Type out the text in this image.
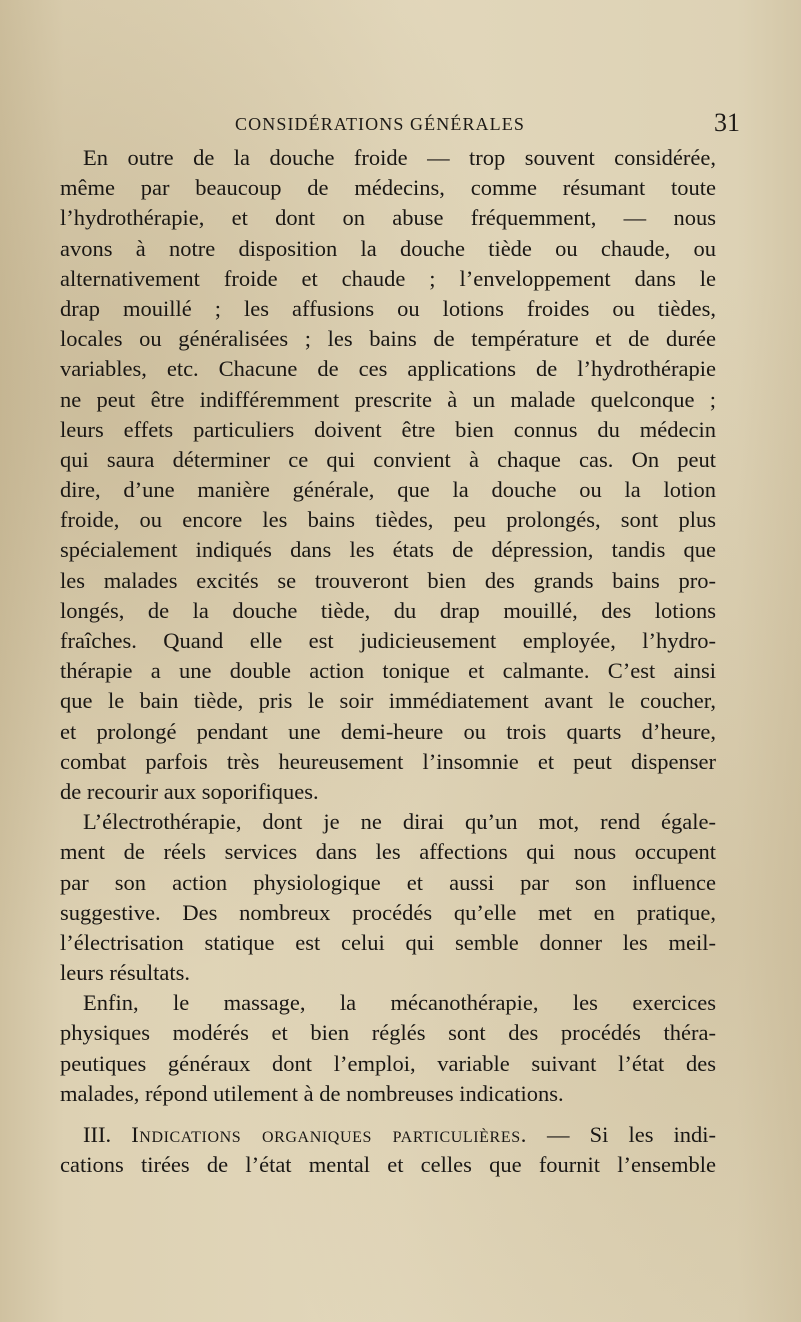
CONSIDÉRATIONS GÉNÉRALES	31
En outre de la douche froide — trop souvent considérée,
même par beaucoup de médecins, comme résumant toute
l’hydrothérapie, et dont on abuse fréquemment, — nous
avons à notre disposition la douche tiède ou chaude, ou
alternativement froide et chaude ; l’enveloppement dans le
drap mouillé ; les affusions ou lotions froides ou tièdes,
locales ou généralisées ; les bains de température et de durée
variables, etc. Chacune de ces applications de l’hydrothérapie
ne peut être indifféremment prescrite à un malade quelconque ;
leurs effets particuliers doivent être bien connus du médecin
qui saura déterminer ce qui convient à chaque cas. On peut
dire, d’une manière générale, que la douche ou la lotion
froide, ou encore les bains tièdes, peu prolongés, sont plus
spécialement indiqués dans les états de dépression, tandis que
les malades excités se trouveront bien des grands bains pro-
longés, de la douche tiède, du drap mouillé, des lotions
fraîches. Quand elle est judicieusement employée, l’hydro-
thérapie a une double action tonique et calmante. C’est ainsi
que le bain tiède, pris le soir immédiatement avant le coucher,
et prolongé pendant une demi-heure ou trois quarts d’heure,
combat parfois très heureusement l’insomnie et peut dispenser
de recourir aux soporifiques.
L’électrothérapie, dont je ne dirai qu’un mot, rend égale-
ment de réels services dans les affections qui nous occupent
par son action physiologique et aussi par son influence
suggestive. Des nombreux procédés qu’elle met en pratique,
l’électrisation statique est celui qui semble donner les meil-
leurs résultats.
Enfin, le massage, la mécanothérapie, les exercices
physiques modérés et bien réglés sont des procédés théra-
peutiques généraux dont l’emploi, variable suivant l’état des
malades, répond utilement à de nombreuses indications.
III. Indications organiques particulières. — Si les indi-
cations tirées de l’état mental et celles que fournit l’ensemble
